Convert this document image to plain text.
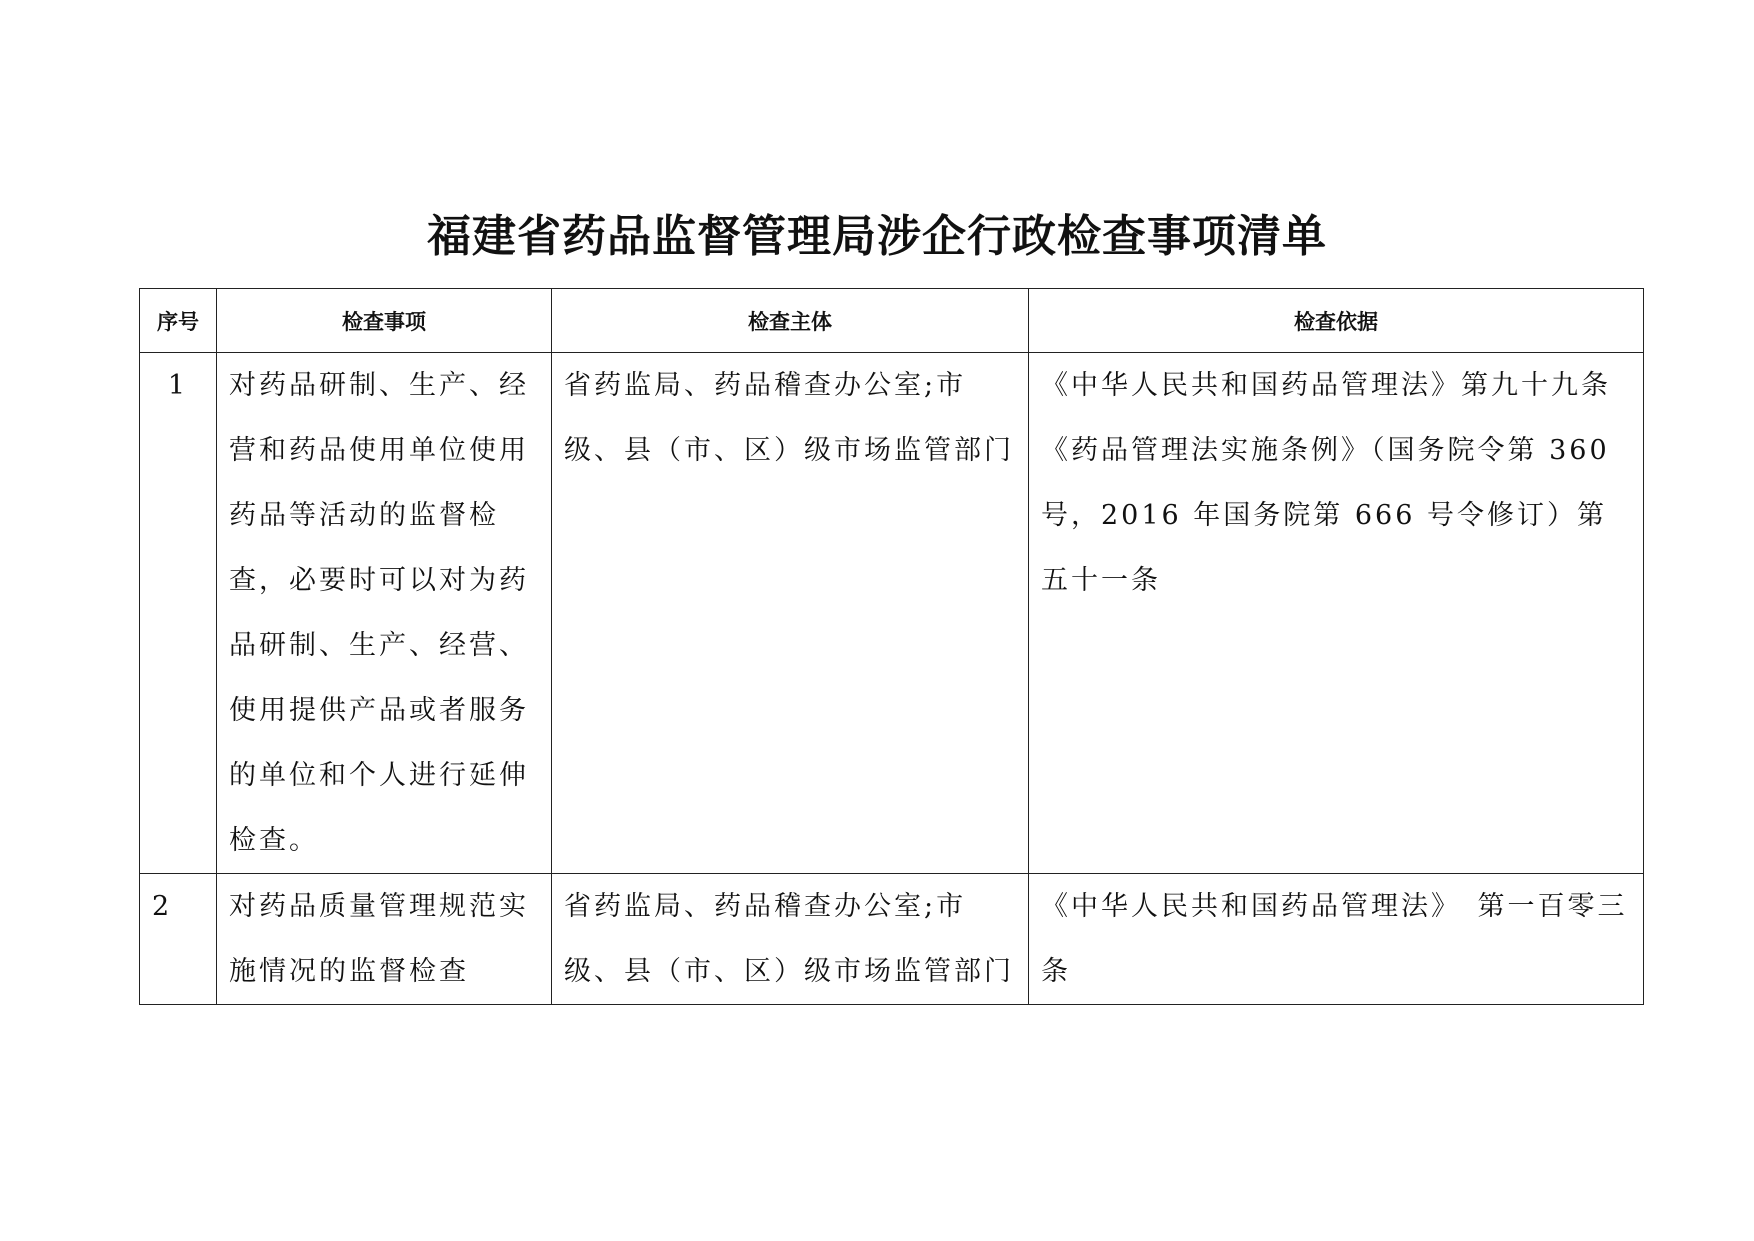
福建省药品监督管理局涉企行政检查事项清单
序号	检查事项	检查主体	检查依据
1	对药品研制、生产、经营和药品使用单位使用药品等活动的监督检查，必要时可以对为药品研制、生产、经营、使用提供产品或者服务的单位和个人进行延伸检查。	省药监局、药品稽查办公室;市级、县（市、区）级市场监管部门	《中华人民共和国药品管理法》第九十九条《药品管理法实施条例》（国务院令第 360 号，2016 年国务院第 666 号令修订）第五十一条
2	对药品质量管理规范实施情况的监督检查	省药监局、药品稽查办公室;市级、县（市、区）级市场监管部门	《中华人民共和国药品管理法》　第一百零三条
